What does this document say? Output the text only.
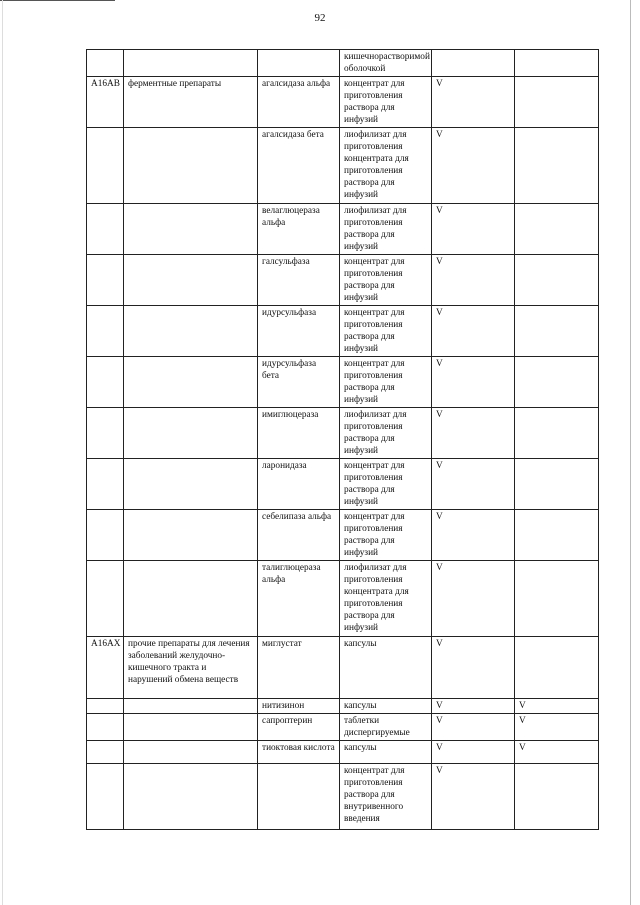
92
			кишечнорастворимой оболочкой		
A16AB	ферментные препараты	агалсидаза альфа	концентрат для приготовления раствора для инфузий	V	
		агалсидаза бета	лиофилизат для приготовления концентрата для приготовления раствора для инфузий	V	
		велаглюцераза альфа	лиофилизат для приготовления раствора для инфузий	V	
		галсульфаза	концентрат для приготовления раствора для инфузий	V	
		идурсульфаза	концентрат для приготовления раствора для инфузий	V	
		идурсульфаза бета	концентрат для приготовления раствора для инфузий	V	
		имиглюцераза	лиофилизат для приготовления раствора для инфузий	V	
		ларонидаза	концентрат для приготовления раствора для инфузий	V	
		себелипаза альфа	концентрат для приготовления раствора для инфузий	V	
		талиглюцераза альфа	лиофилизат для приготовления концентрата для приготовления раствора для инфузий	V	
A16AX	прочие препараты для лечения заболеваний желудочно-кишечного тракта и нарушений обмена веществ	миглустат	капсулы	V	
		нитизинон	капсулы	V	V
		сапроптерин	таблетки диспергируемые	V	V
		тиоктовая кислота	капсулы	V	V
			концентрат для приготовления раствора для внутривенного введения	V	
